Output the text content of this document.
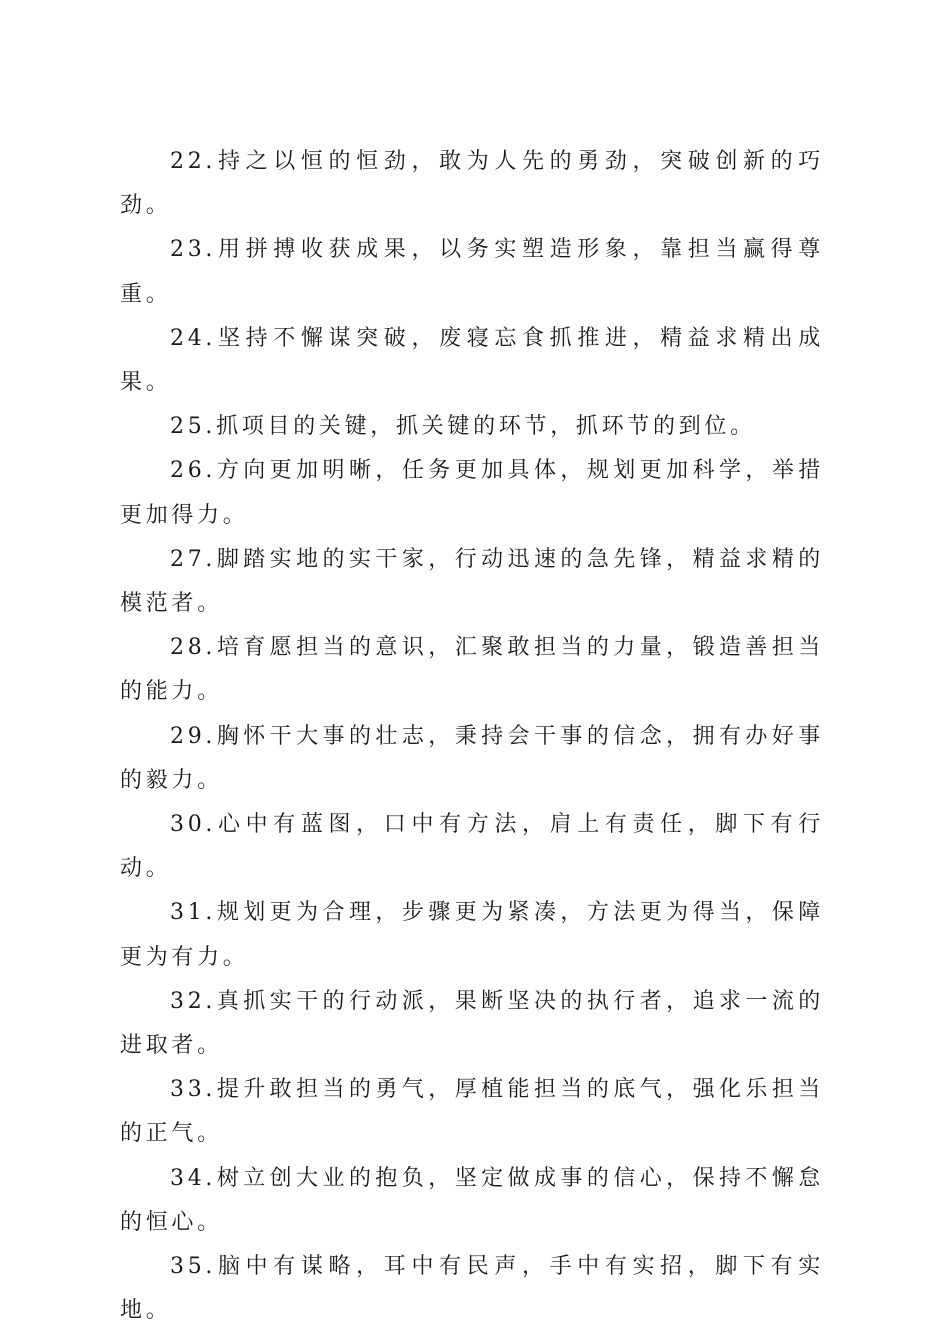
22.持之以恒的恒劲，敢为人先的勇劲，突破创新的巧劲。

23.用拼搏收获成果，以务实塑造形象，靠担当赢得尊重。

24.坚持不懈谋突破，废寝忘食抓推进，精益求精出成果。

25.抓项目的关键，抓关键的环节，抓环节的到位。

26.方向更加明晰，任务更加具体，规划更加科学，举措更加得力。

27.脚踏实地的实干家，行动迅速的急先锋，精益求精的模范者。

28.培育愿担当的意识，汇聚敢担当的力量，锻造善担当的能力。

29.胸怀干大事的壮志，秉持会干事的信念，拥有办好事的毅力。

30.心中有蓝图，口中有方法，肩上有责任，脚下有行动。

31.规划更为合理，步骤更为紧凑，方法更为得当，保障更为有力。

32.真抓实干的行动派，果断坚决的执行者，追求一流的进取者。

33.提升敢担当的勇气，厚植能担当的底气，强化乐担当的正气。

34.树立创大业的抱负，坚定做成事的信心，保持不懈怠的恒心。

35.脑中有谋略，耳中有民声，手中有实招，脚下有实地。
